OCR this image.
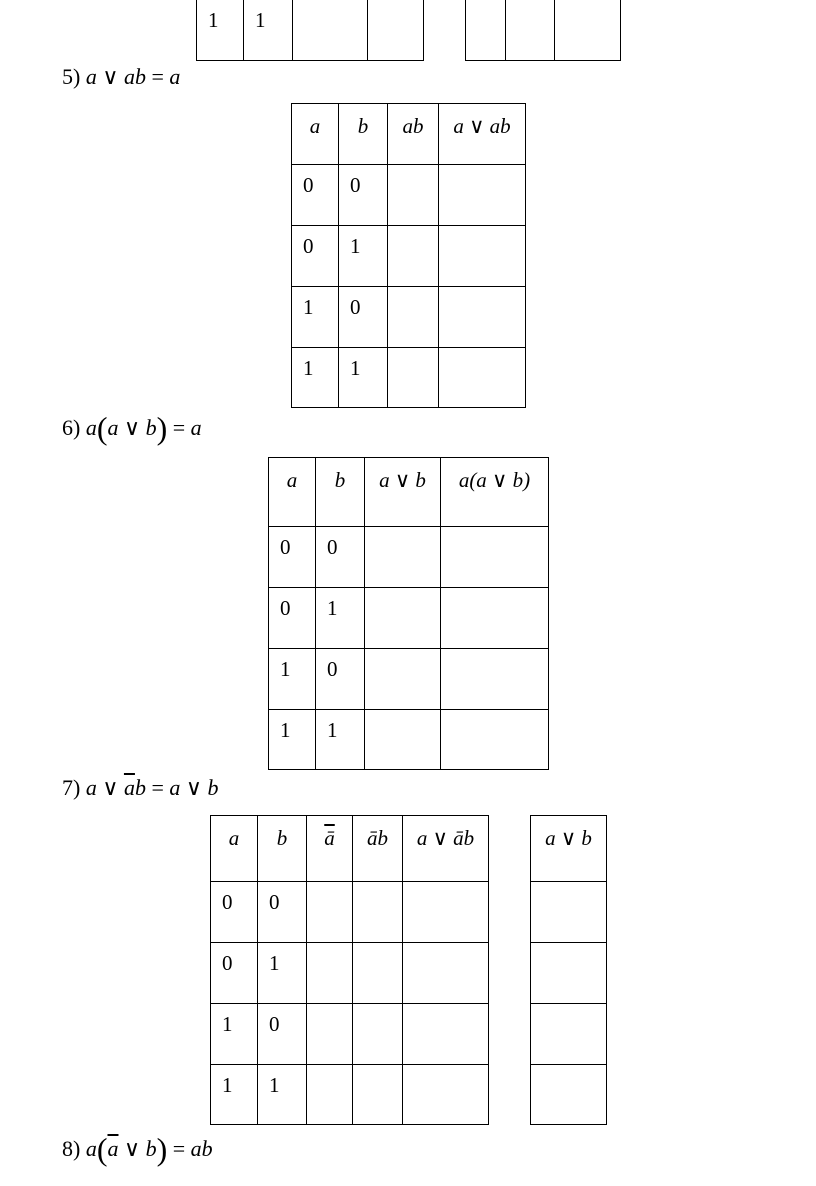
1	1

5) a ∨ ab = a
a	b	ab	a ∨ ab

0	0		

0	1		

1	0		

1	1		

6) a(a ∨ b) = a
a	b	a ∨ b	a(a ∨ b)

0	0		

0	1		

1	0		

1	1		

7) a ∨ $\overline{a}b = a$ ∨ b
a	b	$\overline{ā}$	āb	a ∨ āb

0	0			

0	1			

1	0			

1	1			

a ∨ b

8) $a(\overline{a}$ ∨ b) = ab
